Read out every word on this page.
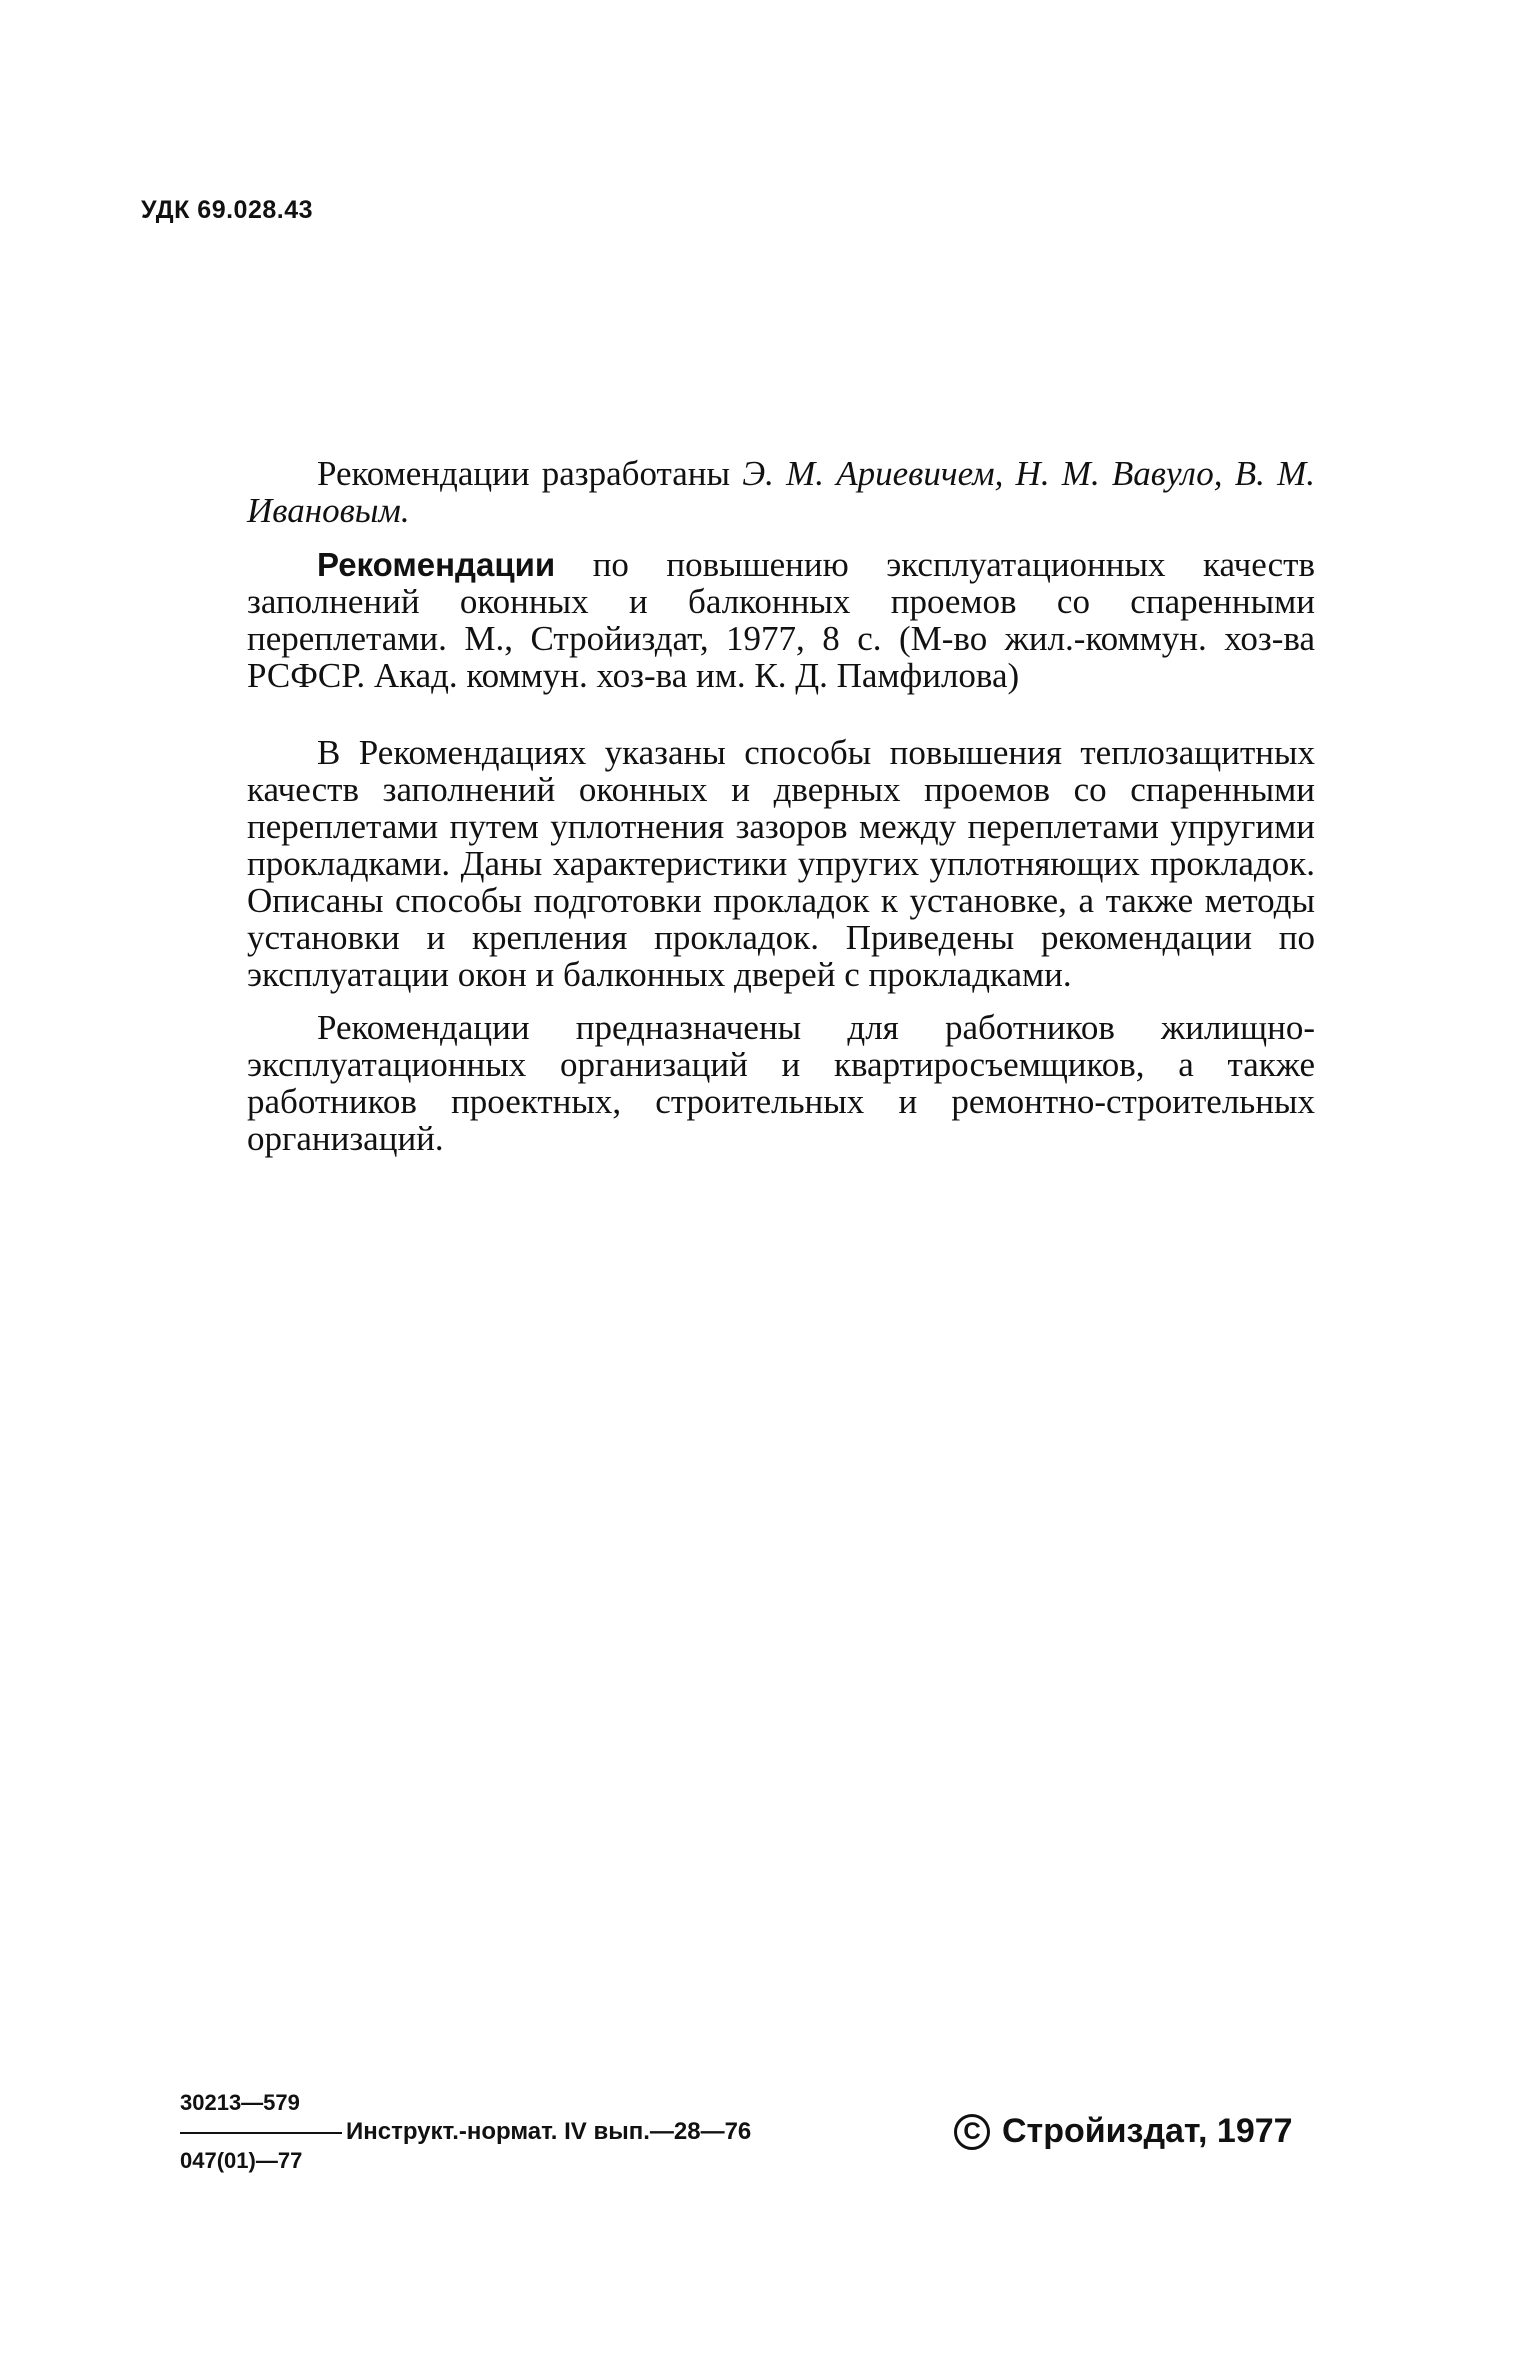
УДК 69.028.43

Рекомендации разработаны Э. М. Ариевичем, Н. М. Вавуло, В. М. Ивановым.

Рекомендации по повышению эксплуатационных качеств заполнений оконных и балконных проемов со спаренными переплетами. М., Стройиздат, 1977, 8 с. (М-во жил.-коммун. хоз-ва РСФСР. Акад. коммун. хоз-ва им. К. Д. Памфилова)

В Рекомендациях указаны способы повышения теплозащитных качеств заполнений оконных и дверных проемов со спаренными переплетами путем уплотнения зазоров между переплетами упругими прокладками. Даны характеристики упругих уплотняющих прокладок. Описаны способы подготовки прокладок к установке, а также методы установки и крепления прокладок. Приведены рекомендации по эксплуатации окон и балконных дверей с прокладками.

Рекомендации предназначены для работников жилищно-эксплуатационных организаций и квартиросъемщиков, а также работников проектных, строительных и ремонтно-строительных организаций.

30213—579
047(01)—77
Инструкт.-нормат. IV вып.—28—76	C Стройиздат, 1977
